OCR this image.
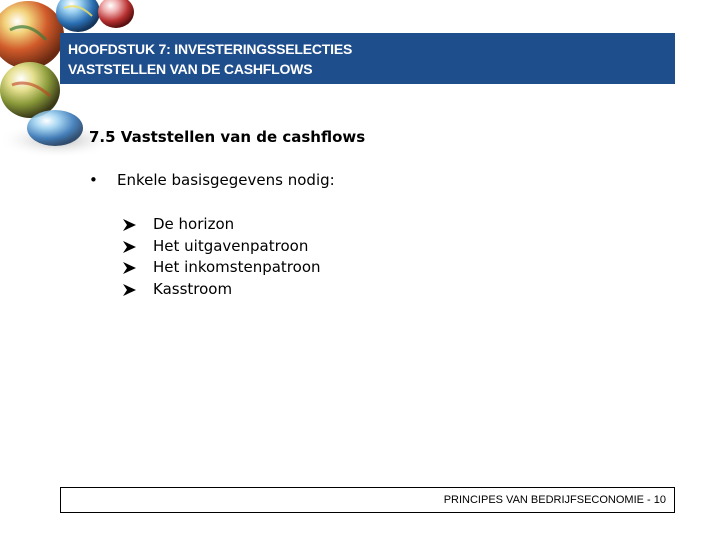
HOOFDSTUK 7: INVESTERINGSSELECTIES
VASTSTELLEN VAN DE CASHFLOWS
7.5 Vaststellen van de cashflows
• Enkele basisgegevens nodig:
De horizon
Het uitgavenpatroon
Het inkomstenpatroon
Kasstroom
PRINCIPES VAN BEDRIJFSECONOMIE - 10
